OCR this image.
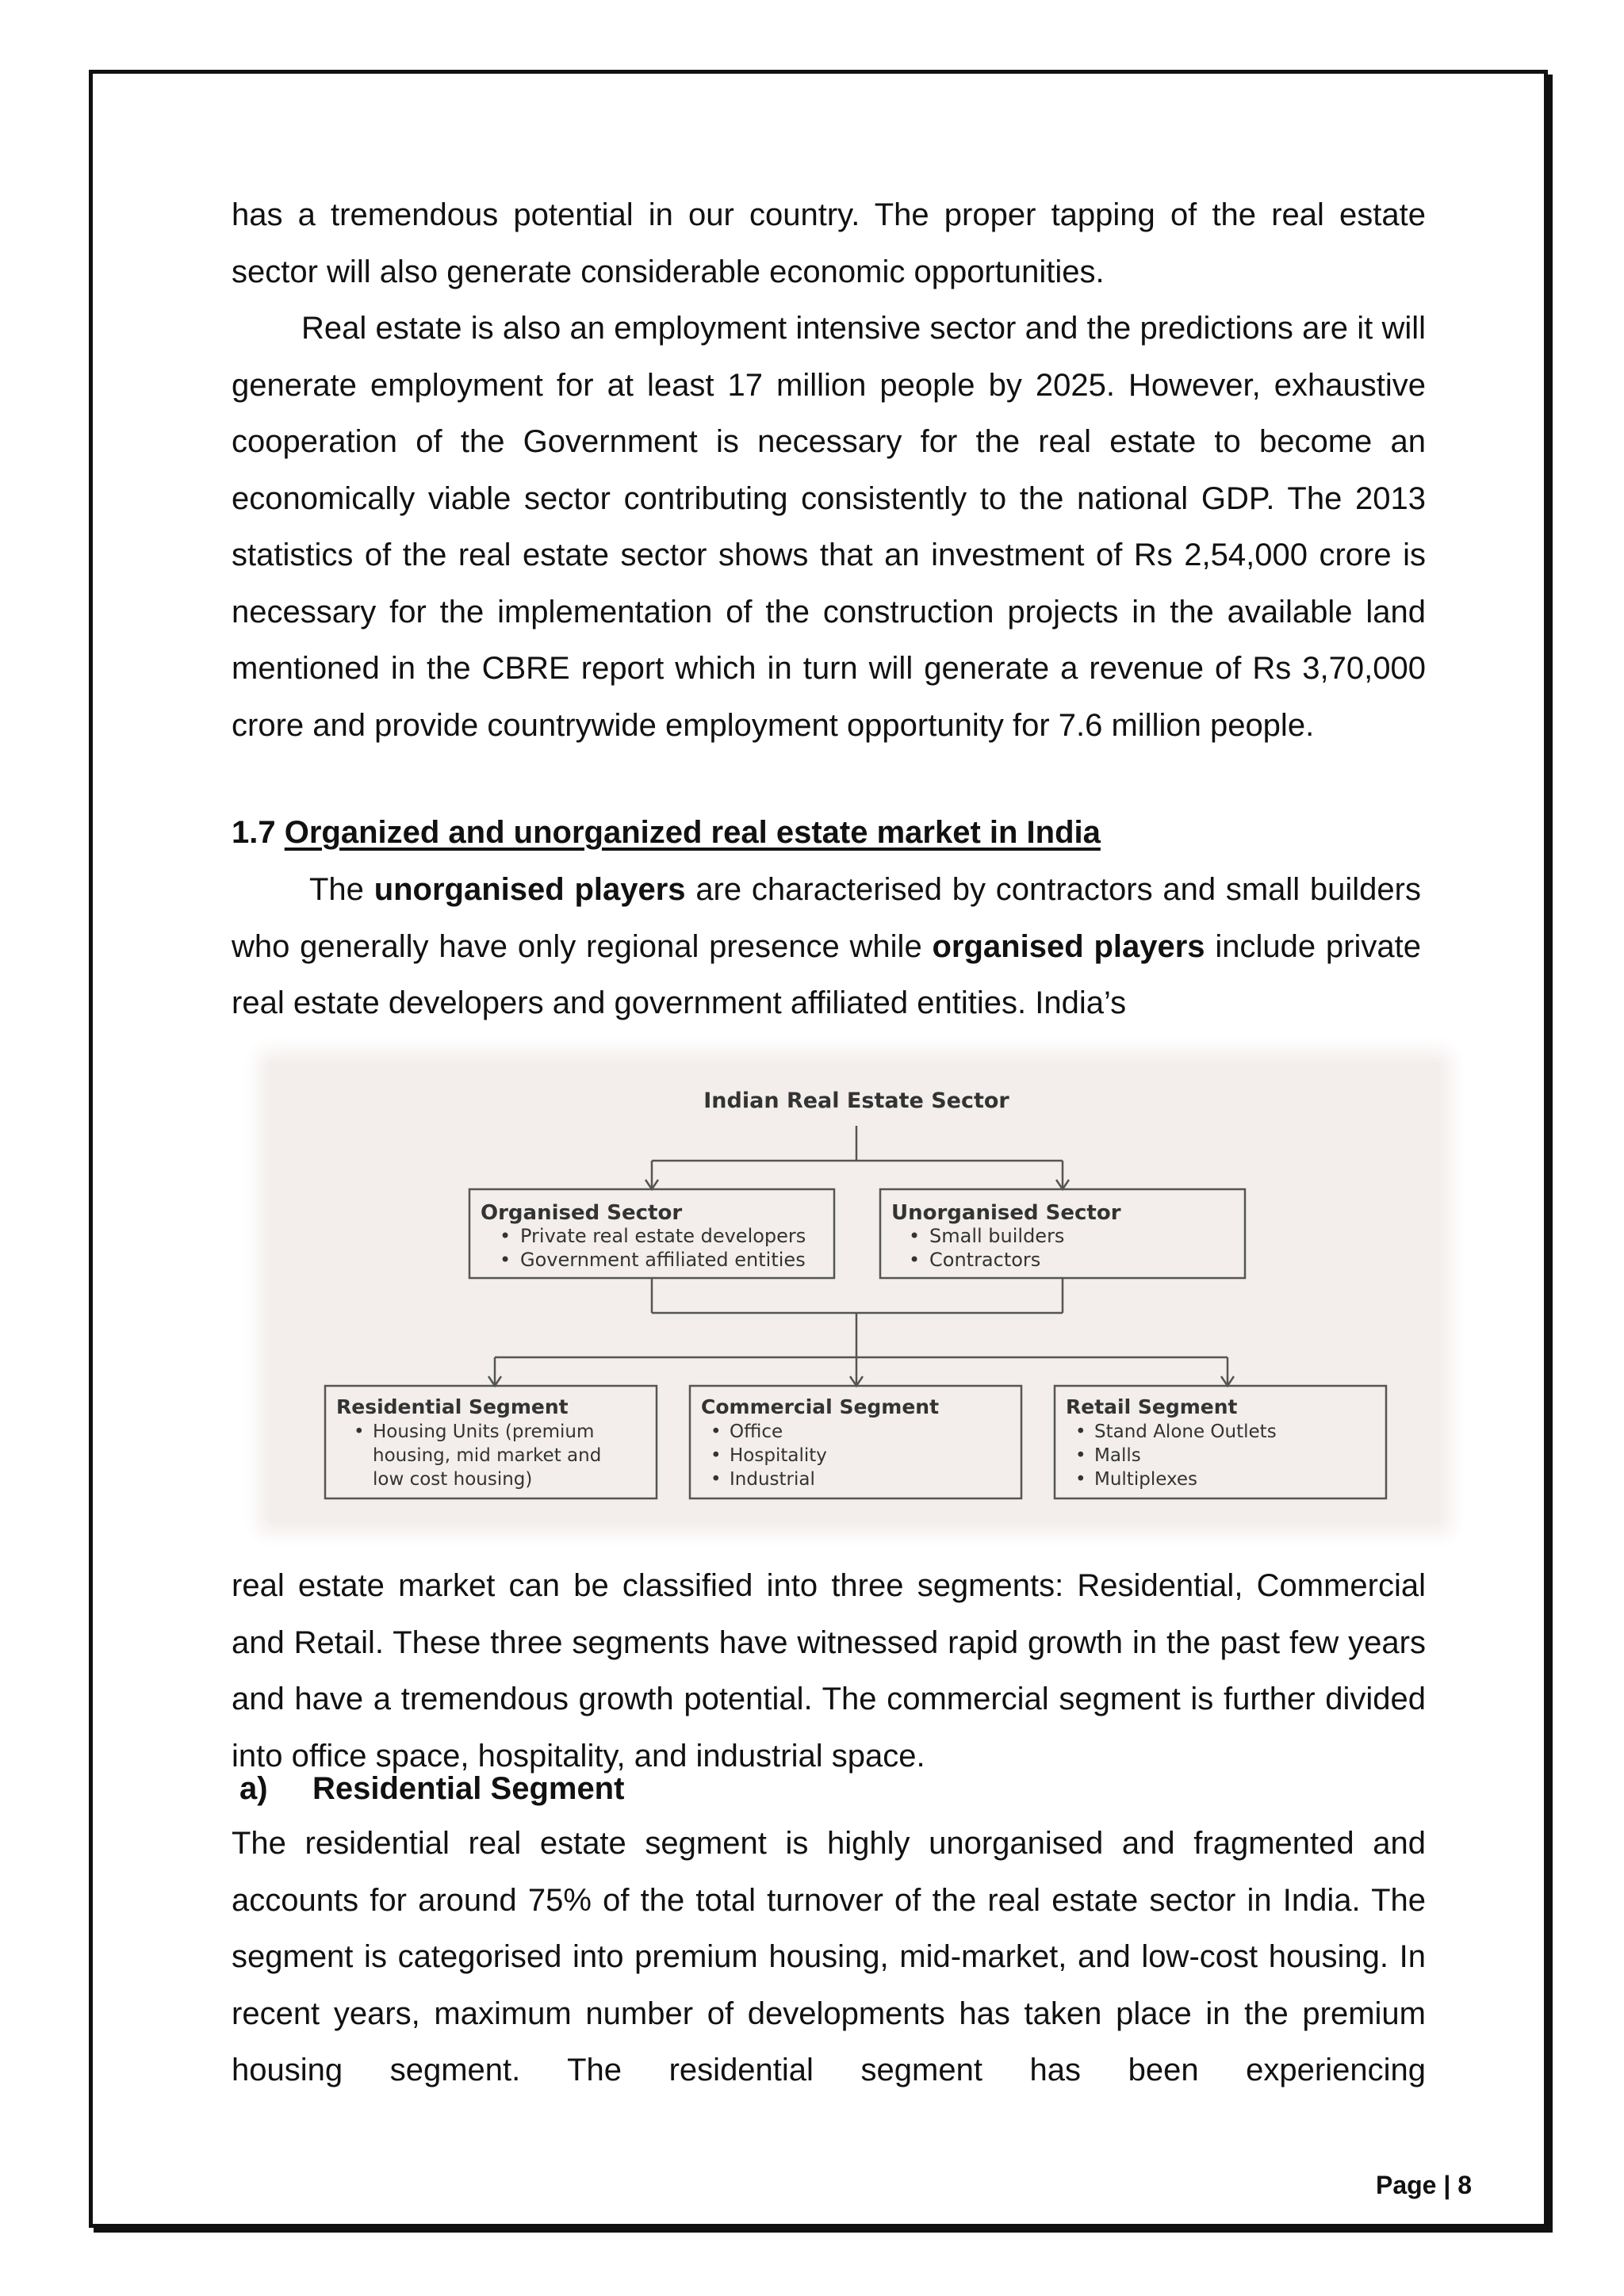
has a tremendous potential in our country. The proper tapping of the real estate sector will also generate considerable economic opportunities.

Real estate is also an employment intensive sector and the predictions are it will generate employment for at least 17 million people by 2025. However, exhaustive cooperation of the Government is necessary for the real estate to become an economically viable sector contributing consistently to the national GDP. The 2013 statistics of the real estate sector shows that an investment of Rs 2,54,000 crore is necessary for the implementation of the construction projects in the available land mentioned in the CBRE report which in turn will generate a revenue of Rs 3,70,000 crore and provide countrywide employment opportunity for 7.6 million people.

1.7 Organized and unorganized real estate market in India

The unorganised players are characterised by contractors and small builders who generally have only regional presence while organised players include private real estate developers and government affiliated entities. India’s

Indian Real Estate Sector
Organised Sector
• Private real estate developers
• Government affiliated entities
Unorganised Sector
• Small builders
• Contractors
Residential Segment
• Housing Units (premium
housing, mid market and
low cost housing)
Commercial Segment
• Office
• Hospitality
• Industrial
Retail Segment
• Stand Alone Outlets
• Malls
• Multiplexes

real estate market can be classified into three segments: Residential, Commercial and Retail. These three segments have witnessed rapid growth in the past few years and have a tremendous growth potential. The commercial segment is further divided into office space, hospitality, and industrial space.

a) Residential Segment

The residential real estate segment is highly unorganised and fragmented and accounts for around 75% of the total turnover of the real estate sector in India. The segment is categorised into premium housing, mid-market, and low-cost housing. In recent years, maximum number of developments has taken place in the premium housing segment. The residential segment has been experiencing

Page | 8
